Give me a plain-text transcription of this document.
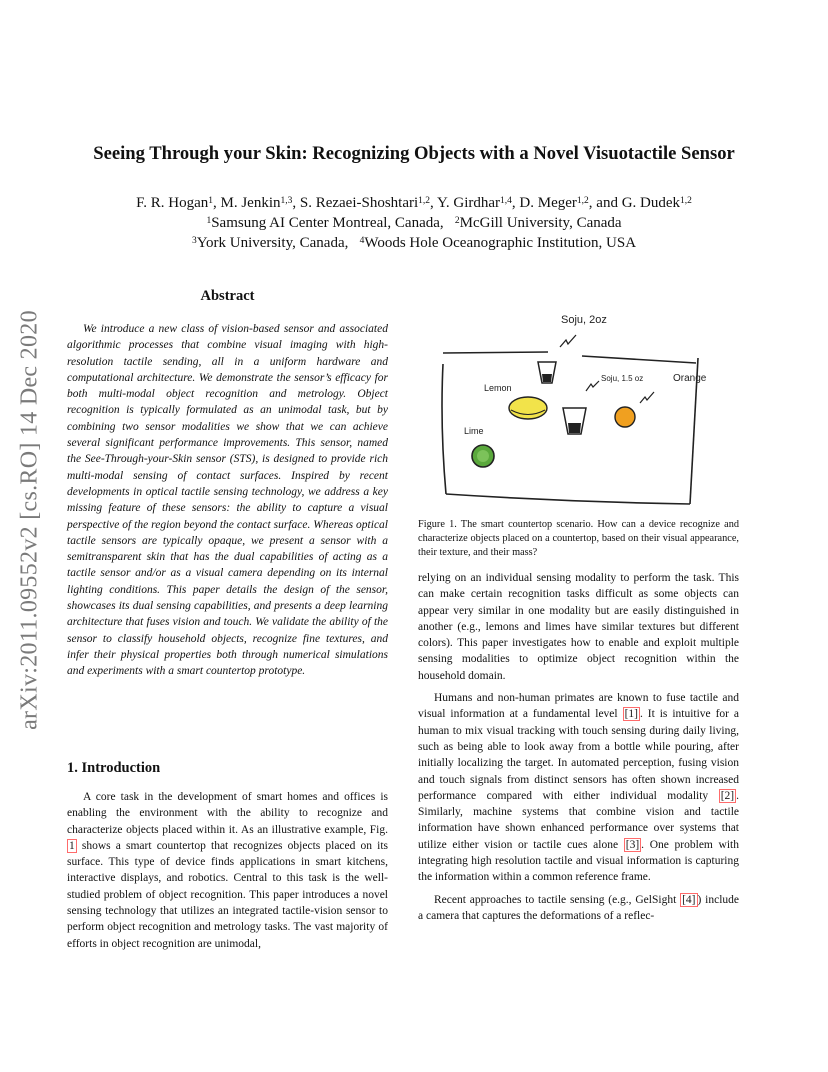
Seeing Through your Skin: Recognizing Objects with a Novel Visuotactile Sensor
F. R. Hogan$^1$, M. Jenkin$^{1,3}$, S. Rezaei-Shoshtari$^{1,2}$, Y. Girdhar$^{1,4}$, D. Meger$^{1,2}$, and G. Dudek$^{1,2}$
$^1$Samsung AI Center Montreal, Canada, $^2$McGill University, Canada
$^3$York University, Canada, $^4$Woods Hole Oceanographic Institution, USA
arXiv:2011.09552v2 [cs.RO] 14 Dec 2020
Abstract

We introduce a new class of vision-based sensor and associated algorithmic processes that combine visual imaging with high-resolution tactile sending, all in a uniform hardware and computational architecture. We demonstrate the sensor’s efficacy for both multi-modal object recognition and metrology. Object recognition is typically formulated as an unimodal task, but by combining two sensor modalities we show that we can achieve several significant performance improvements. This sensor, named the See-Through-your-Skin sensor (STS), is designed to provide rich multi-modal sensing of contact surfaces. Inspired by recent developments in optical tactile sensing technology, we address a key missing feature of these sensors: the ability to capture a visual perspective of the region beyond the contact surface. Whereas optical tactile sensors are typically opaque, we present a sensor with a semitransparent skin that has the dual capabilities of acting as a tactile sensor and/or as a visual camera depending on its internal lighting conditions. This paper details the design of the sensor, showcases its dual sensing capabilities, and presents a deep learning architecture that fuses vision and touch. We validate the ability of the sensor to classify household objects, recognize fine textures, and infer their physical properties both through numerical simulations and experiments with a smart countertop prototype.

1. Introduction

A core task in the development of smart homes and offices is enabling the environment with the ability to recognize and characterize objects placed within it. As an illustrative example, Fig. 1 shows a smart countertop that recognizes objects placed on its surface. This type of device finds applications in smart kitchens, interactive displays, and robotics. Central to this task is the well-studied problem of object recognition. This paper introduces a novel sensing technology that utilizes an integrated tactile-vision sensor to perform object recognition and metrology tasks. The vast majority of efforts in object recognition are unimodal,

Soju, 2oz
Soju, 1.5 oz	Orange
Lemon
Lime
Figure 1. The smart countertop scenario. How can a device recognize and characterize objects placed on a countertop, based on their visual appearance, their texture, and their mass?

relying on an individual sensing modality to perform the task. This can make certain recognition tasks difficult as some objects can appear very similar in one modality but are easily distinguished in another (e.g., lemons and limes have similar textures but different colors). This paper investigates how to enable and exploit multiple sensing modalities to optimize object recognition within the household domain.

Humans and non-human primates are known to fuse tactile and visual information at a fundamental level [1] . It is intuitive for a human to mix visual tracking with touch sensing during daily living, such as being able to look away from a bottle while pouring, after initially localizing the target. In automated perception, fusing vision and touch signals from distinct sensors has often shown increased performance compared with either individual modality [2] . Similarly, machine systems that combine vision and tactile information have shown enhanced performance over systems that utilize either vision or tactile cues alone [3] . One problem with integrating high resolution tactile and visual information is capturing the information within a common reference frame.

Recent approaches to tactile sensing (e.g., GelSight [4] ) include a camera that captures the deformations of a reflec-
